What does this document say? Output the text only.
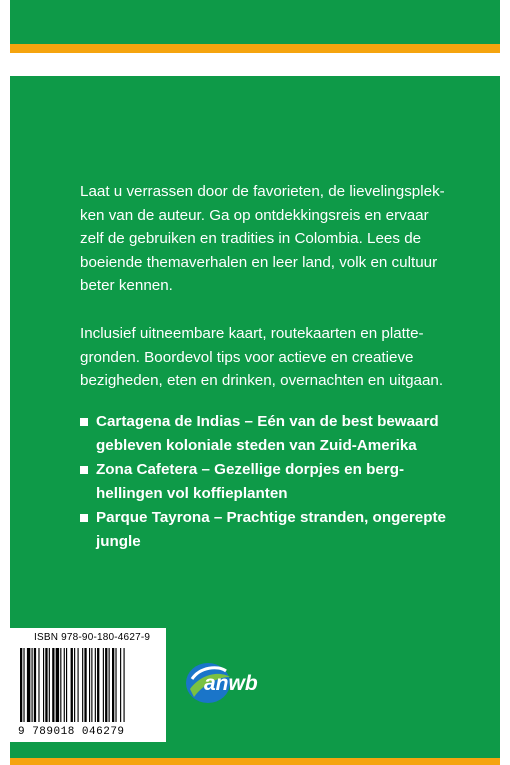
Laat u verrassen door de favorieten, de lievelingsplek-

ken van de auteur. Ga op ontdekkingsreis en ervaar

zelf de gebruiken en tradities in Colombia. Lees de

boeiende themaverhalen en leer land, volk en cultuur

beter kennen.

Inclusief uitneembare kaart, routekaarten en platte-

gronden. Boordevol tips voor actieve en creatieve

bezigheden, eten en drinken, overnachten en uitgaan.

Cartagena de Indias – Eén van de best bewaard
gebleven koloniale steden van Zuid-Amerika
Zona Cafetera – Gezellige dorpjes en berg-
hellingen vol koffieplanten
Parque Tayrona – Prachtige stranden, ongerepte
jungle
ISBN 978-90-180-4627-9
9 789018 046279
anwb
